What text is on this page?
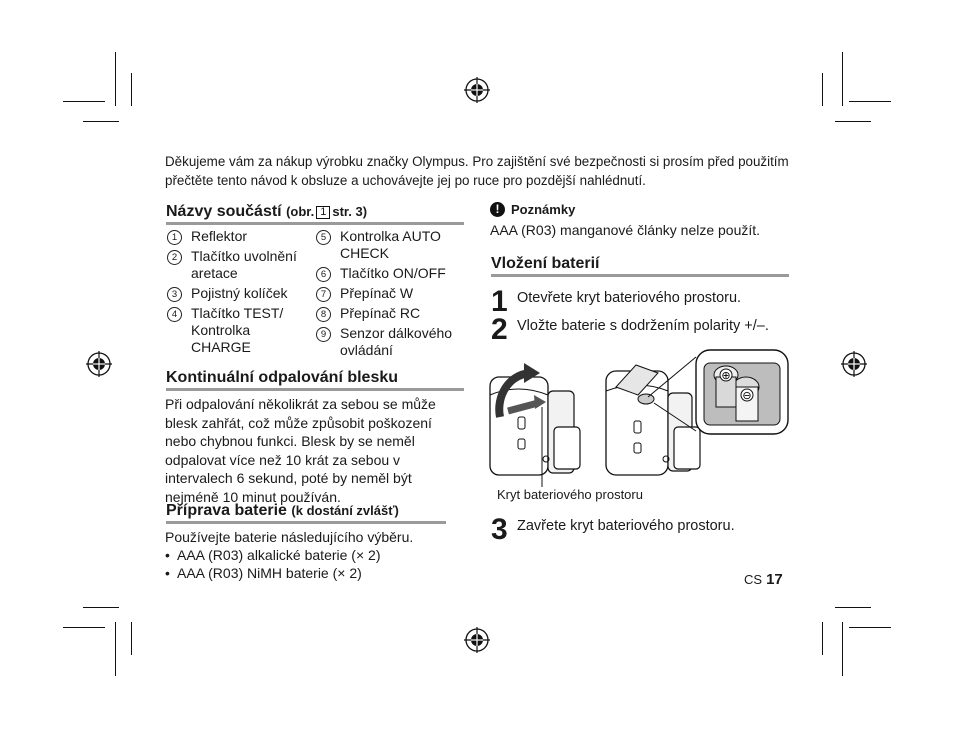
Děkujeme vám za nákup výrobku značky Olympus. Pro zajištění své bezpečnosti si prosím před použitím přečtěte tento návod k obsluze a uchovávejte jej po ruce pro pozdější nahlédnutí.
Názvy součástí (obr. 1 str. 3)
1 Reflektor
2 Tlačítko uvolnění aretace
3 Pojistný kolíček
4 Tlačítko TEST/ Kontrolka CHARGE
5 Kontrolka AUTO CHECK
6 Tlačítko ON/OFF
7 Přepínač W
8 Přepínač RC
9 Senzor dálkového ovládání
Kontinuální odpalování blesku
Při odpalování několikrát za sebou se může blesk zahřát, což může způsobit poškození nebo chybnou funkci. Blesk by se neměl odpalovat více než 10 krát za sebou v intervalech 6 sekund, poté by neměl být nejméně 10 minut používán.
Příprava baterie (k dostání zvlášť)
Používejte baterie následujícího výběru.
• AAA (R03) alkalické baterie (× 2)
• AAA (R03) NiMH baterie (× 2)
! Poznámky
AAA (R03) manganové články nelze použít.
Vložení baterií
1 Otevřete kryt bateriového prostoru.
2 Vložte baterie s dodržením polarity +/–.
⊕
⊖
Kryt bateriového prostoru
3 Zavřete kryt bateriového prostoru.
CS 17
